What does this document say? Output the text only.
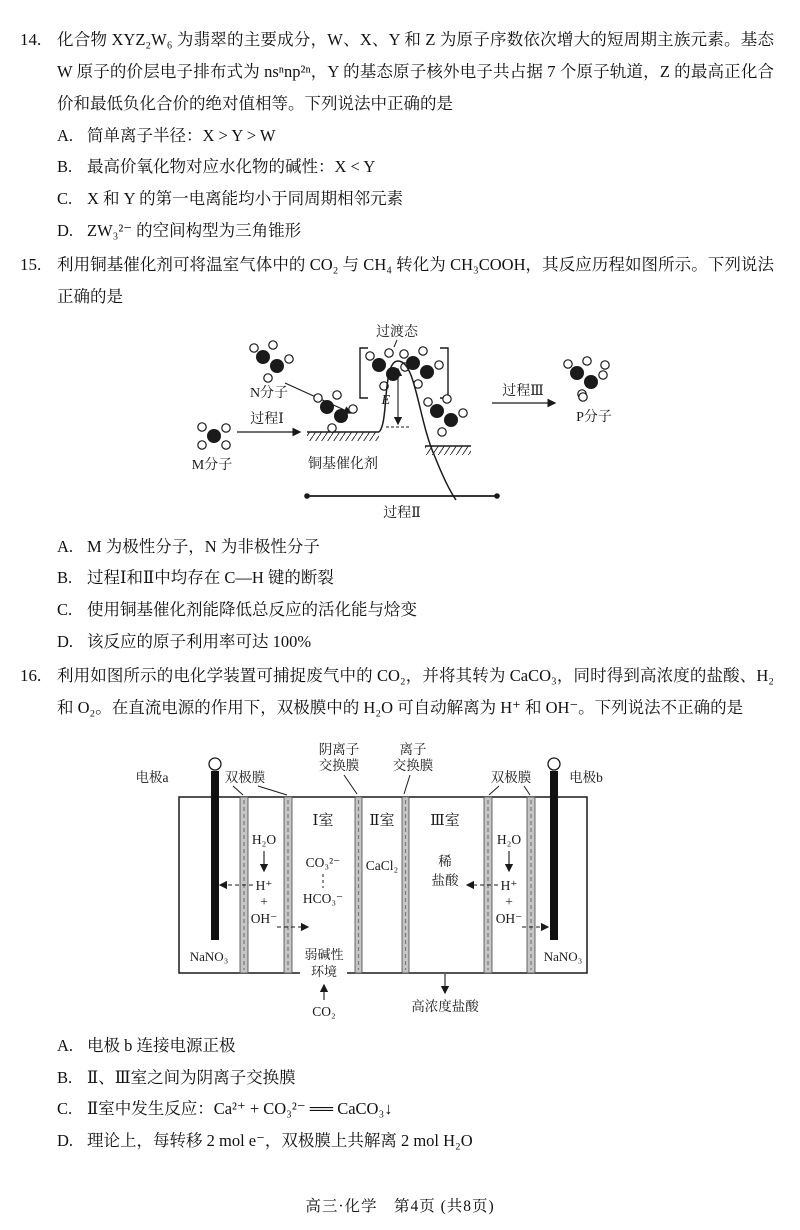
14. 化合物 XYZ₂W₆ 为翡翠的主要成分，W、X、Y 和 Z 为原子序数依次增大的短周期主族元素。基态 W 原子的价层电子排布式为 nsⁿnp²ⁿ，Y 的基态原子核外电子共占据 7 个原子轨道，Z 的最高正化合价和最低负化合价的绝对值相等。下列说法中正确的是

A. 简单离子半径：X > Y > W
B. 最高价氧化物对应水化物的碱性：X < Y
C. X 和 Y 的第一电离能均小于同周期相邻元素
D. ZW₃²⁻ 的空间构型为三角锥形
15. 利用铜基催化剂可将温室气体中的 CO₂ 与 CH₄ 转化为 CH₃COOH，其反应历程如图所示。下列说法正确的是

过渡态
N分子
M分子
过程Ⅰ
铜基催化剂
E
过程Ⅲ
P分子
过程Ⅱ
A. M 为极性分子，N 为非极性分子
B. 过程Ⅰ和Ⅱ中均存在 C—H 键的断裂
C. 使用铜基催化剂能降低总反应的活化能与焓变
D. 该反应的原子利用率可达 100%
16. 利用如图所示的电化学装置可捕捉废气中的 CO₂，并将其转为 CaCO₃，同时得到高浓度的盐酸、H₂和 O₂。在直流电源的作用下，双极膜中的 H₂O 可自动解离为 H⁺ 和 OH⁻。下列说法不正确的是

阴离子
交换膜
离子
交换膜
双极膜	双极膜
电极a	电极b
Ⅰ室 Ⅱ室 Ⅲ室
H₂O
H⁺
+
OH⁻
H₂O
H⁺
+
OH⁻
CO₃²⁻
HCO₃⁻
弱碱性
环境
CO₂
CaCl₂	稀
盐酸
高浓度盐酸
NaNO₃	NaNO₃
A. 电极 b 连接电源正极
B. Ⅱ、Ⅲ室之间为阴离子交换膜
C. Ⅱ室中发生反应：Ca²⁺ + CO₃²⁻ ══ CaCO₃↓
D. 理论上，每转移 2 mol e⁻，双极膜上共解离 2 mol H₂O
高三·化学　第4页 (共8页)
